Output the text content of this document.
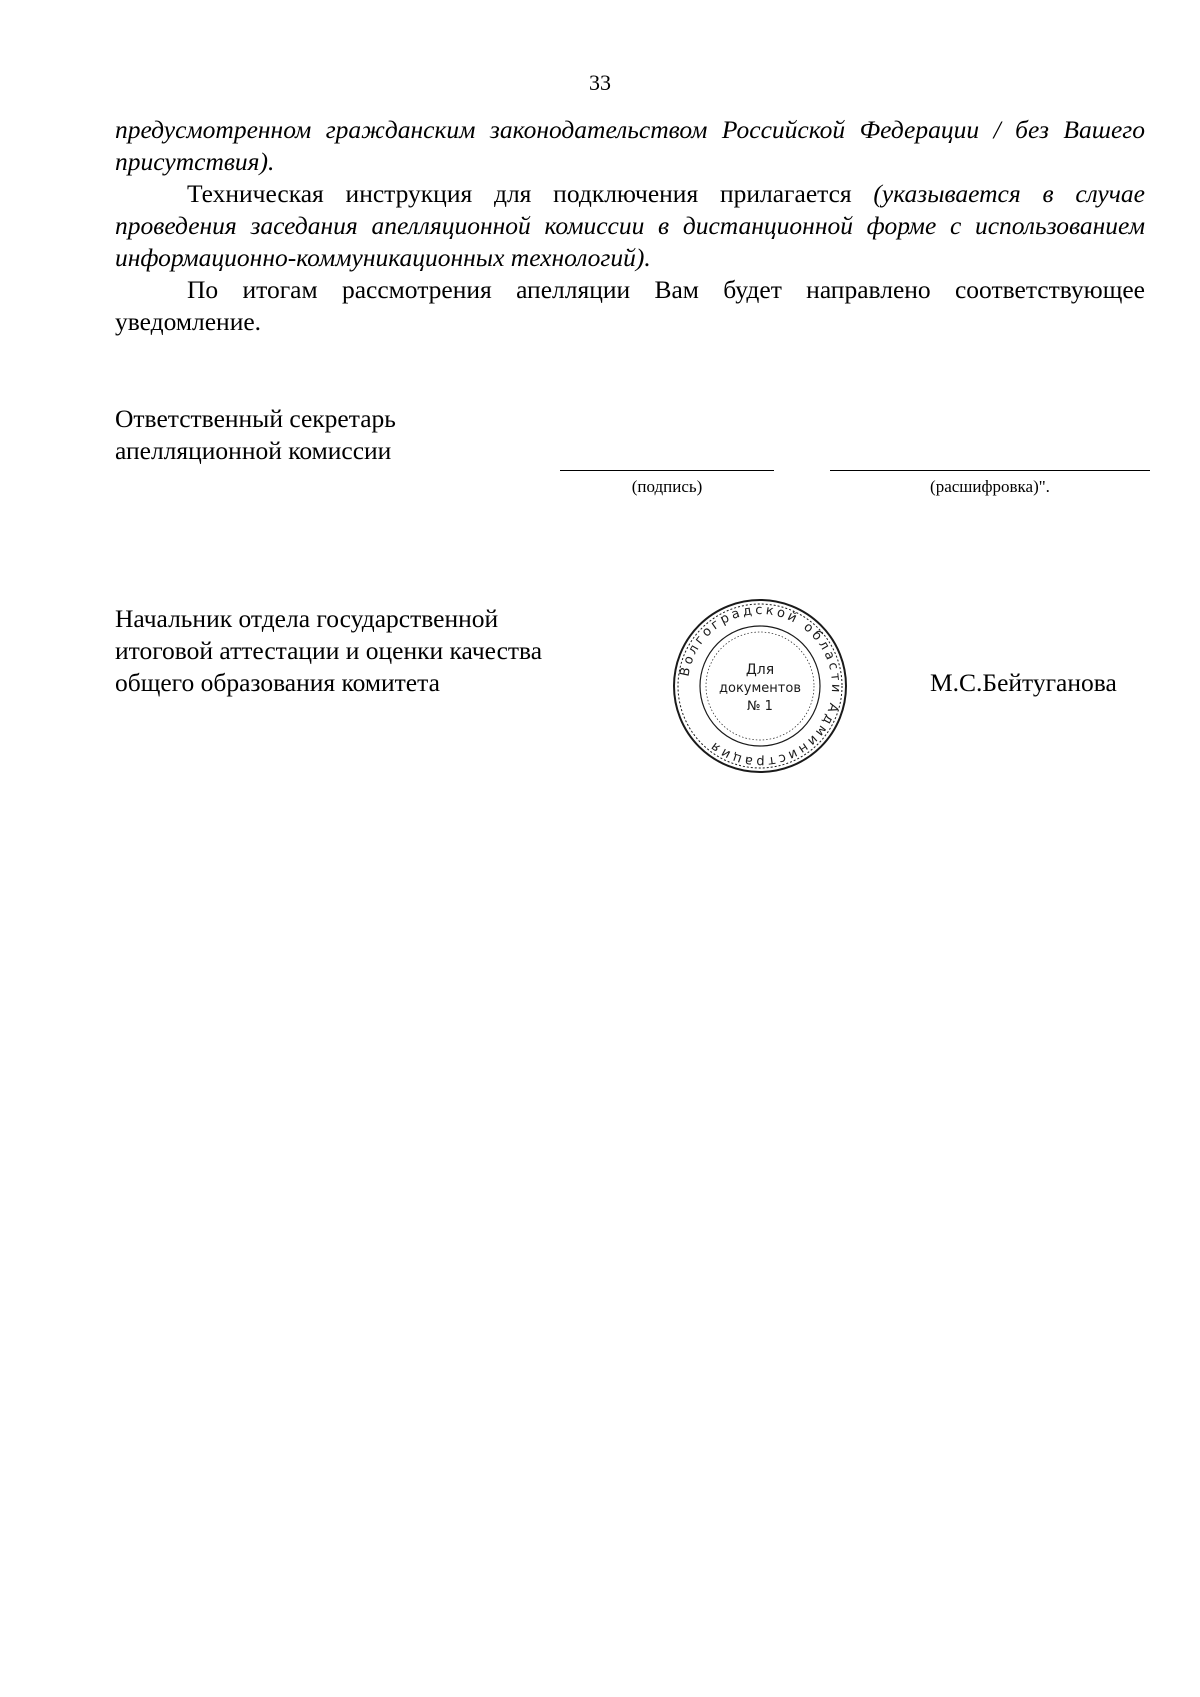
33

предусмотренном гражданским законодательством Российской Федерации / без Вашего присутствия).

Техническая инструкция для подключения прилагается (указывается в случае проведения заседания апелляционной комиссии в дистанционной форме с использованием информационно-коммуникационных технологий).

По итогам рассмотрения апелляции Вам будет направлено соответствующее уведомление.

Ответственный секретарь
апелляционной комиссии
(подпись)	(расшифровка)".
Начальник отдела государственной
итоговой аттестации и оценки качества
общего образования комитета	М.С.Бейтуганова
Волгоградской области Администрация
Для
документов
№ 1
